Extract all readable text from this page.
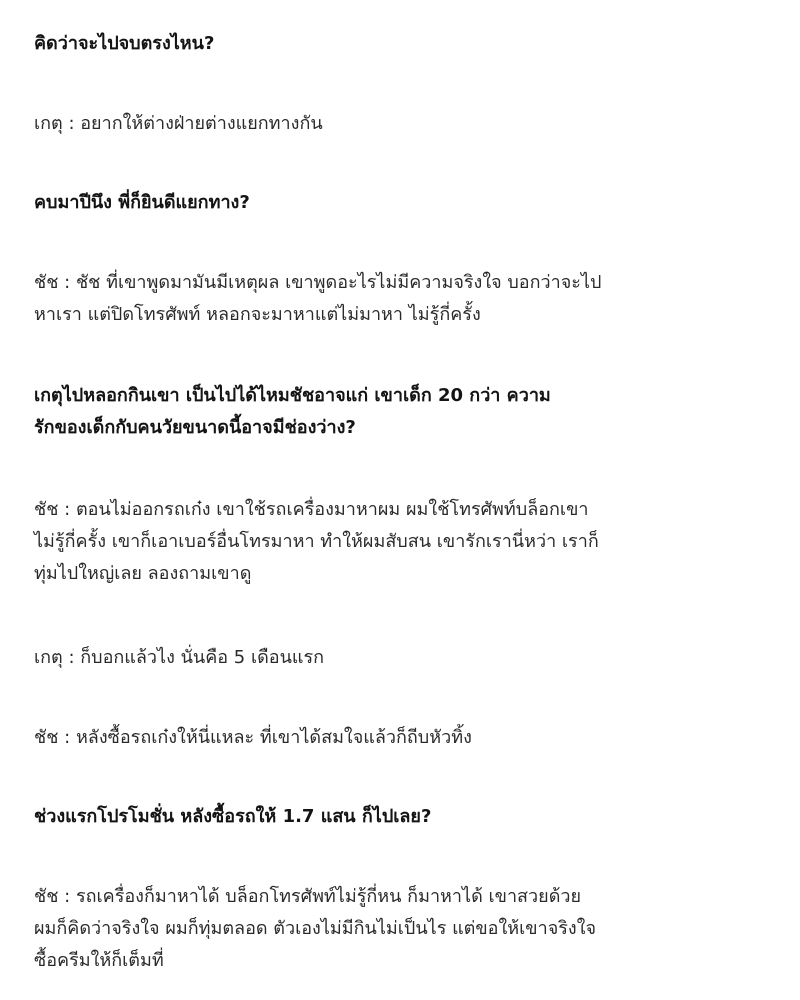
คิดว่าจะไปจบตรงไหน?

เกตุ : อยากให้ต่างฝ่ายต่างแยกทางกัน

คบมาปีนึง พี่ก็ยินดีแยกทาง?

ชัช : ชัช ที่เขาพูดมามันมีเหตุผล เขาพูดอะไรไม่มีความจริงใจ บอกว่าจะไป
หาเรา แต่ปิดโทรศัพท์ หลอกจะมาหาแต่ไม่มาหา ไม่รู้กี่ครั้ง

เกตุไปหลอกกินเขา เป็นไปได้ไหมชัชอาจแก่ เขาเด็ก 20 กว่า ความ
รักของเด็กกับคนวัยขนาดนี้อาจมีช่องว่าง?

ชัช : ตอนไม่ออกรถเก๋ง เขาใช้รถเครื่องมาหาผม ผมใช้โทรศัพท์บล็อกเขา
ไม่รู้กี่ครั้ง เขาก็เอาเบอร์อื่นโทรมาหา ทำให้ผมสับสน เขารักเรานี่หว่า เราก็
ทุ่มไปใหญ่เลย ลองถามเขาดู

เกตุ : ก็บอกแล้วไง นั่นคือ 5 เดือนแรก

ชัช : หลังซื้อรถเก๋งให้นี่แหละ ที่เขาได้สมใจแล้วก็ถีบหัวทิ้ง

ช่วงแรกโปรโมชั่น หลังซื้อรถให้ 1.7 แสน ก็ไปเลย?

ชัช : รถเครื่องก็มาหาได้ บล็อกโทรศัพท์ไม่รู้กี่หน ก็มาหาได้ เขาสวยด้วย
ผมก็คิดว่าจริงใจ ผมก็ทุ่มตลอด ตัวเองไม่มีกินไม่เป็นไร แต่ขอให้เขาจริงใจ
ซื้อครีมให้ก็เต็มที่
